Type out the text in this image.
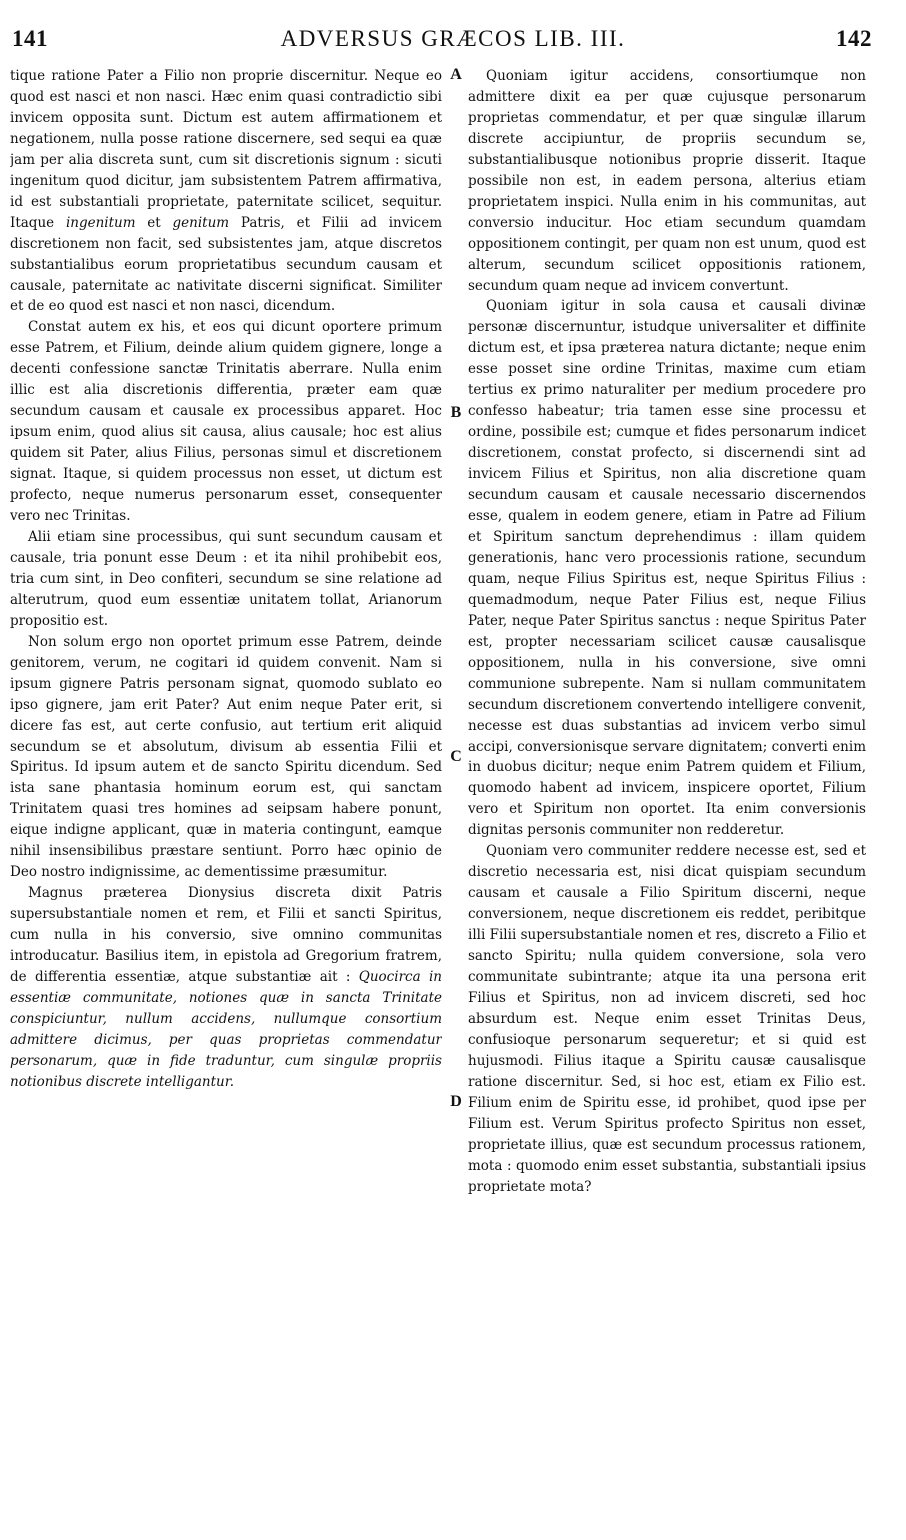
141	ADVERSUS GRÆCOS LIB. III.	142

tique ratione Pater a Filio non proprie discernitur. Neque eo quod est nasci et non nasci. Hæc enim quasi contradictio sibi invicem opposita sunt. Dictum est autem affirmationem et negationem, nulla posse ratione discernere, sed sequi ea quæ jam per alia discreta sunt, cum sit discretionis signum : sicuti ingenitum quod dicitur, jam subsistentem Patrem affirmativa, id est substantiali proprietate, paternitate scilicet, sequitur. Itaque ingenitum et genitum Patris, et Filii ad invicem discretionem non facit, sed subsistentes jam, atque discretos substantialibus eorum proprietatibus secundum causam et causale, paternitate ac nativitate discerni significat. Similiter et de eo quod est nasci et non nasci, dicendum.

Constat autem ex his, et eos qui dicunt oportere primum esse Patrem, et Filium, deinde alium quidem gignere, longe a decenti confessione sanctæ Trinitatis aberrare. Nulla enim illic est alia discretionis differentia, præter eam quæ secundum causam et causale ex processibus apparet. Hoc ipsum enim, quod alius sit causa, alius causale; hoc est alius quidem sit Pater, alius Filius, personas simul et discretionem signat. Itaque, si quidem processus non esset, ut dictum est profecto, neque numerus personarum esset, consequenter vero nec Trinitas.

Alii etiam sine processibus, qui sunt secundum causam et causale, tria ponunt esse Deum : et ita nihil prohibebit eos, tria cum sint, in Deo confiteri, secundum se sine relatione ad alterutrum, quod eum essentiæ unitatem tollat, Arianorum propositio est.

Non solum ergo non oportet primum esse Patrem, deinde genitorem, verum, ne cogitari id quidem convenit. Nam si ipsum gignere Patris personam signat, quomodo sublato eo ipso gignere, jam erit Pater? Aut enim neque Pater erit, si dicere fas est, aut certe confusio, aut tertium erit aliquid secundum se et absolutum, divisum ab essentia Filii et Spiritus. Id ipsum autem et de sancto Spiritu dicendum. Sed ista sane phantasia hominum eorum est, qui sanctam Trinitatem quasi tres homines ad seipsam habere ponunt, eique indigne applicant, quæ in materia contingunt, eamque nihil insensibilibus præstare sentiunt. Porro hæc opinio de Deo nostro indignissime, ac dementissime præsumitur.

Magnus præterea Dionysius discreta dixit Patris supersubstantiale nomen et rem, et Filii et sancti Spiritus, cum nulla in his conversio, sive omnino communitas introducatur. Basilius item, in epistola ad Gregorium fratrem, de differentia essentiæ, atque substantiæ ait : Quocirca in essentiæ communitate, notiones quæ in sancta Trinitate conspiciuntur, nullum accidens, nullumque consortium admittere dicimus, per quas proprietas commendatur personarum, quæ in fide traduntur, cum singulæ propriis notionibus discrete intelligantur.

A
B
C
D

Quoniam igitur accidens, consortiumque non admittere dixit ea per quæ cujusque personarum proprietas commendatur, et per quæ singulæ illarum discrete accipiuntur, de propriis secundum se, substantialibusque notionibus proprie disserit. Itaque possibile non est, in eadem persona, alterius etiam proprietatem inspici. Nulla enim in his communitas, aut conversio inducitur. Hoc etiam secundum quamdam oppositionem contingit, per quam non est unum, quod est alterum, secundum scilicet oppositionis rationem, secundum quam neque ad invicem convertunt.

Quoniam igitur in sola causa et causali divinæ personæ discernuntur, istudque universaliter et diffinite dictum est, et ipsa præterea natura dictante; neque enim esse posset sine ordine Trinitas, maxime cum etiam tertius ex primo naturaliter per medium procedere pro confesso habeatur; tria tamen esse sine processu et ordine, possibile est; cumque et fides personarum indicet discretionem, constat profecto, si discernendi sint ad invicem Filius et Spiritus, non alia discretione quam secundum causam et causale necessario discernendos esse, qualem in eodem genere, etiam in Patre ad Filium et Spiritum sanctum deprehendimus : illam quidem generationis, hanc vero processionis ratione, secundum quam, neque Filius Spiritus est, neque Spiritus Filius : quemadmodum, neque Pater Filius est, neque Filius Pater, neque Pater Spiritus sanctus : neque Spiritus Pater est, propter necessariam scilicet causæ causalisque oppositionem, nulla in his conversione, sive omni communione subrepente. Nam si nullam communitatem secundum discretionem convertendo intelligere convenit, necesse est duas substantias ad invicem verbo simul accipi, conversionisque servare dignitatem; converti enim in duobus dicitur; neque enim Patrem quidem et Filium, quomodo habent ad invicem, inspicere oportet, Filium vero et Spiritum non oportet. Ita enim conversionis dignitas personis communiter non redderetur.

Quoniam vero communiter reddere necesse est, sed et discretio necessaria est, nisi dicat quispiam secundum causam et causale a Filio Spiritum discerni, neque conversionem, neque discretionem eis reddet, peribitque illi Filii supersubstantiale nomen et res, discreto a Filio et sancto Spiritu; nulla quidem conversione, sola vero communitate subintrante; atque ita una persona erit Filius et Spiritus, non ad invicem discreti, sed hoc absurdum est. Neque enim esset Trinitas Deus, confusioque personarum sequeretur; et si quid est hujusmodi. Filius itaque a Spiritu causæ causalisque ratione discernitur. Sed, si hoc est, etiam ex Filio est. Filium enim de Spiritu esse, id prohibet, quod ipse per Filium est. Verum Spiritus profecto Spiritus non esset, proprietate illius, quæ est secundum processus rationem, mota : quomodo enim esset substantia, substantiali ipsius proprietate mota?
